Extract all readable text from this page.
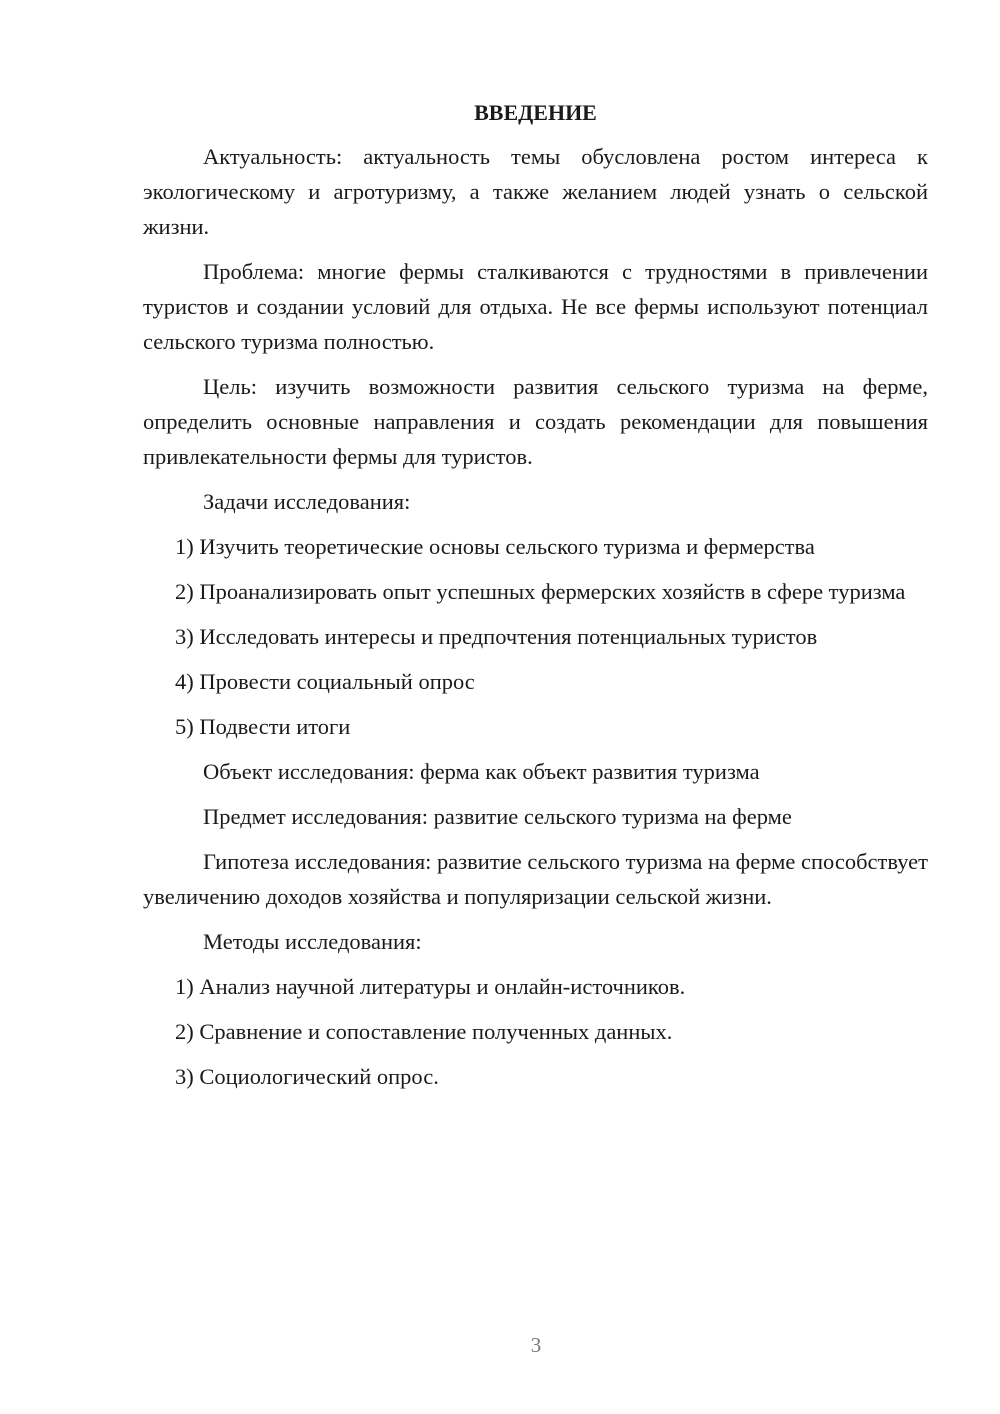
ВВЕДЕНИЕ

Актуальность: актуальность темы обусловлена ростом интереса к экологическому и агротуризму, а также желанием людей узнать о сельской жизни.

Проблема: многие фермы сталкиваются с трудностями в привлечении туристов и создании условий для отдыха. Не все фермы используют потенциал сельского туризма полностью.

Цель: изучить возможности развития сельского туризма на ферме, определить основные направления и создать рекомендации для повышения привлекательности фермы для туристов.

Задачи исследования:

1) Изучить теоретические основы сельского туризма и фермерства

2) Проанализировать опыт успешных фермерских хозяйств в сфере туризма

3) Исследовать интересы и предпочтения потенциальных туристов

4) Провести социальный опрос

5) Подвести итоги

Объект исследования: ферма как объект развития туризма

Предмет исследования: развитие сельского туризма на ферме

Гипотеза исследования: развитие сельского туризма на ферме способствует увеличению доходов хозяйства и популяризации сельской жизни.

Методы исследования:

1) Анализ научной литературы и онлайн-источников.

2) Сравнение и сопоставление полученных данных.

3) Социологический опрос.

3
